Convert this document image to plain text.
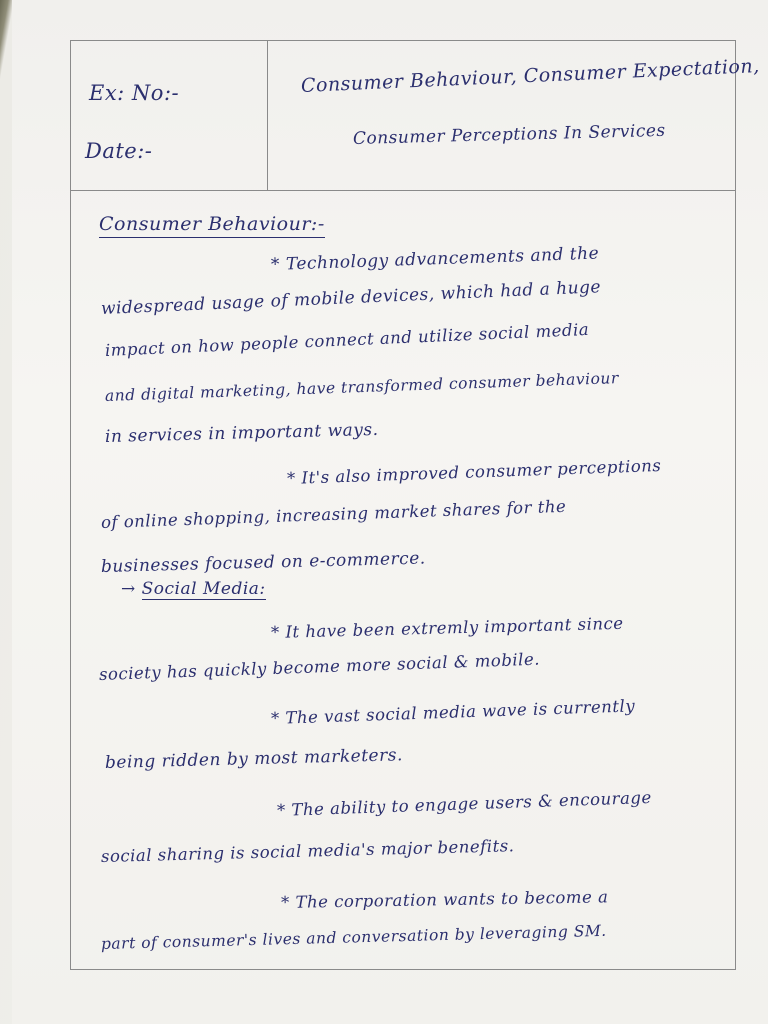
Ex: No:-
Date:-
Consumer Behaviour, Consumer Expectation,
Consumer Perceptions In Services
Consumer Behaviour:-
* Technology advancements and the
widespread usage of mobile devices, which had a huge
impact on how people connect and utilize social media
and digital marketing, have transformed consumer behaviour
in services in important ways.
* It's also improved consumer perceptions
of online shopping, increasing market shares for the
businesses focused on e-commerce.
→ Social Media:
* It have been extremly important since
society has quickly become more social & mobile.
* The vast social media wave is currently
being ridden by most marketers.
* The ability to engage users & encourage
social sharing is social media's major benefits.
* The corporation wants to become a
part of consumer's lives and conversation by leveraging SM.
